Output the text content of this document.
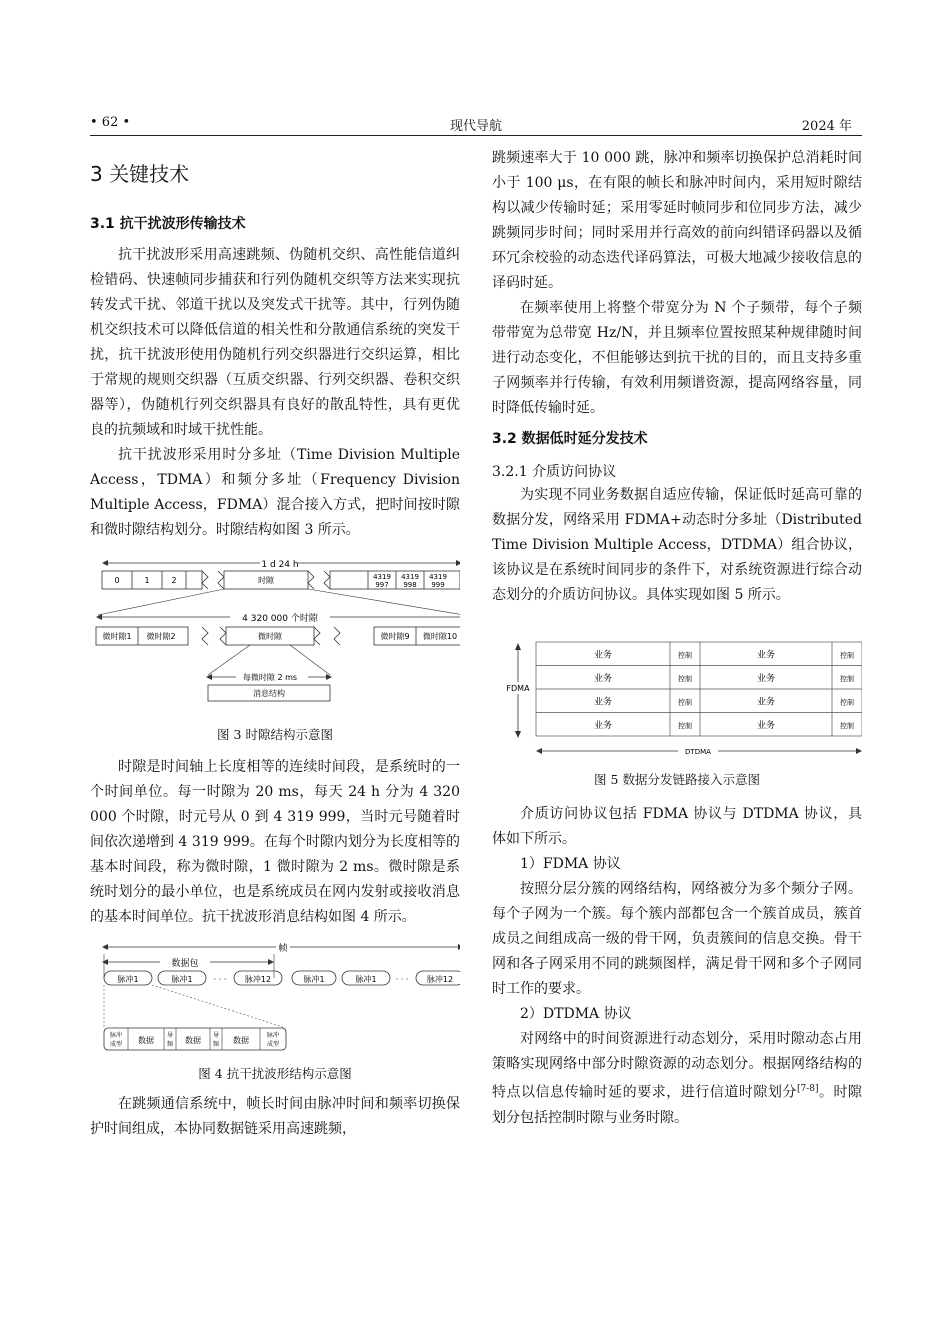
• 62 •	现代导航	2024 年

3 关键技术

3.1 抗干扰波形传输技术

抗干扰波形采用高速跳频、伪随机交织、高性能信道纠检错码、快速帧同步捕获和行列伪随机交织等方法来实现抗转发式干扰、邻道干扰以及突发式干扰等。其中，行列伪随机交织技术可以降低信道的相关性和分散通信系统的突发干扰，抗干扰波形使用伪随机行列交织器进行交织运算，相比于常规的规则交织器（互质交织器、行列交织器、卷积交织器等），伪随机行列交织器具有良好的散乱特性，具有更优良的抗频域和时域干扰性能。

抗干扰波形采用时分多址（Time Division Multiple Access，TDMA）和频分多址（Frequency Division Multiple Access，FDMA）混合接入方式，把时间按时隙和微时隙结构划分。时隙结构如图 3 所示。

1 d 24 h
0	1	2	时隙	4319
997
4319
998
4319
999
4 320 000 个时隙
微时隙1 微时隙2	微时隙	微时隙9 微时隙10
每微时隙 2 ms
消息结构

图 3 时隙结构示意图

时隙是时间轴上长度相等的连续时间段，是系统时的一个时间单位。每一时隙为 20 ms，每天 24 h 分为 4 320 000 个时隙，时元号从 0 到 4 319 999，当时元号随着时间依次递增到 4 319 999。在每个时隙内划分为长度相等的基本时间段，称为微时隙，1 微时隙为 2 ms。微时隙是系统时划分的最小单位，也是系统成员在网内发射或接收消息的基本时间单位。抗干扰波形消息结构如图 4 所示。

帧
数据包
脉冲1	脉冲1	· · · 脉冲12	脉冲1	脉冲1 · · · 脉冲12
脉冲
成型 数据
导
频 数据
导
频 数据
脉冲
成型

图 4 抗干扰波形结构示意图

在跳频通信系统中，帧长时间由脉冲时间和频率切换保护时间组成，本协同数据链采用高速跳频，

跳频速率大于 10 000 跳，脉冲和频率切换保护总消耗时间小于 100 μs，在有限的帧长和脉冲时间内，采用短时隙结构以减少传输时延；采用零延时帧同步和位同步方法，减少跳频同步时间；同时采用并行高效的前向纠错译码器以及循环冗余校验的动态迭代译码算法，可极大地减少接收信息的译码时延。

在频率使用上将整个带宽分为 N 个子频带，每个子频带带宽为总带宽 Hz/N，并且频率位置按照某种规律随时间进行动态变化，不但能够达到抗干扰的目的，而且支持多重子网频率并行传输，有效利用频谱资源，提高网络容量，同时降低传输时延。

3.2 数据低时延分发技术

3.2.1 介质访问协议

为实现不同业务数据自适应传输，保证低时延高可靠的数据分发，网络采用 FDMA+动态时分多址（Distributed Time Division Multiple Access，DTDMA）组合协议，该协议是在系统时间同步的条件下，对系统资源进行综合动态划分的介质访问协议。具体实现如图 5 所示。

FDMA
业务	控制	业务	控制
业务	控制	业务	控制
业务	控制	业务	控制
业务	控制	业务	控制
DTDMA

图 5 数据分发链路接入示意图

介质访问协议包括 FDMA 协议与 DTDMA 协议，具体如下所示。

1）FDMA 协议

按照分层分簇的网络结构，网络被分为多个频分子网。每个子网为一个簇。每个簇内部都包含一个簇首成员，簇首成员之间组成高一级的骨干网，负责簇间的信息交换。骨干网和各子网采用不同的跳频图样，满足骨干网和多个子网同时工作的要求。

2）DTDMA 协议

对网络中的时间资源进行动态划分，采用时隙动态占用策略实现网络中部分时隙资源的动态划分。根据网络结构的特点以信息传输时延的要求，进行信道时隙划分[7-8]。时隙划分包括控制时隙与业务时隙。
